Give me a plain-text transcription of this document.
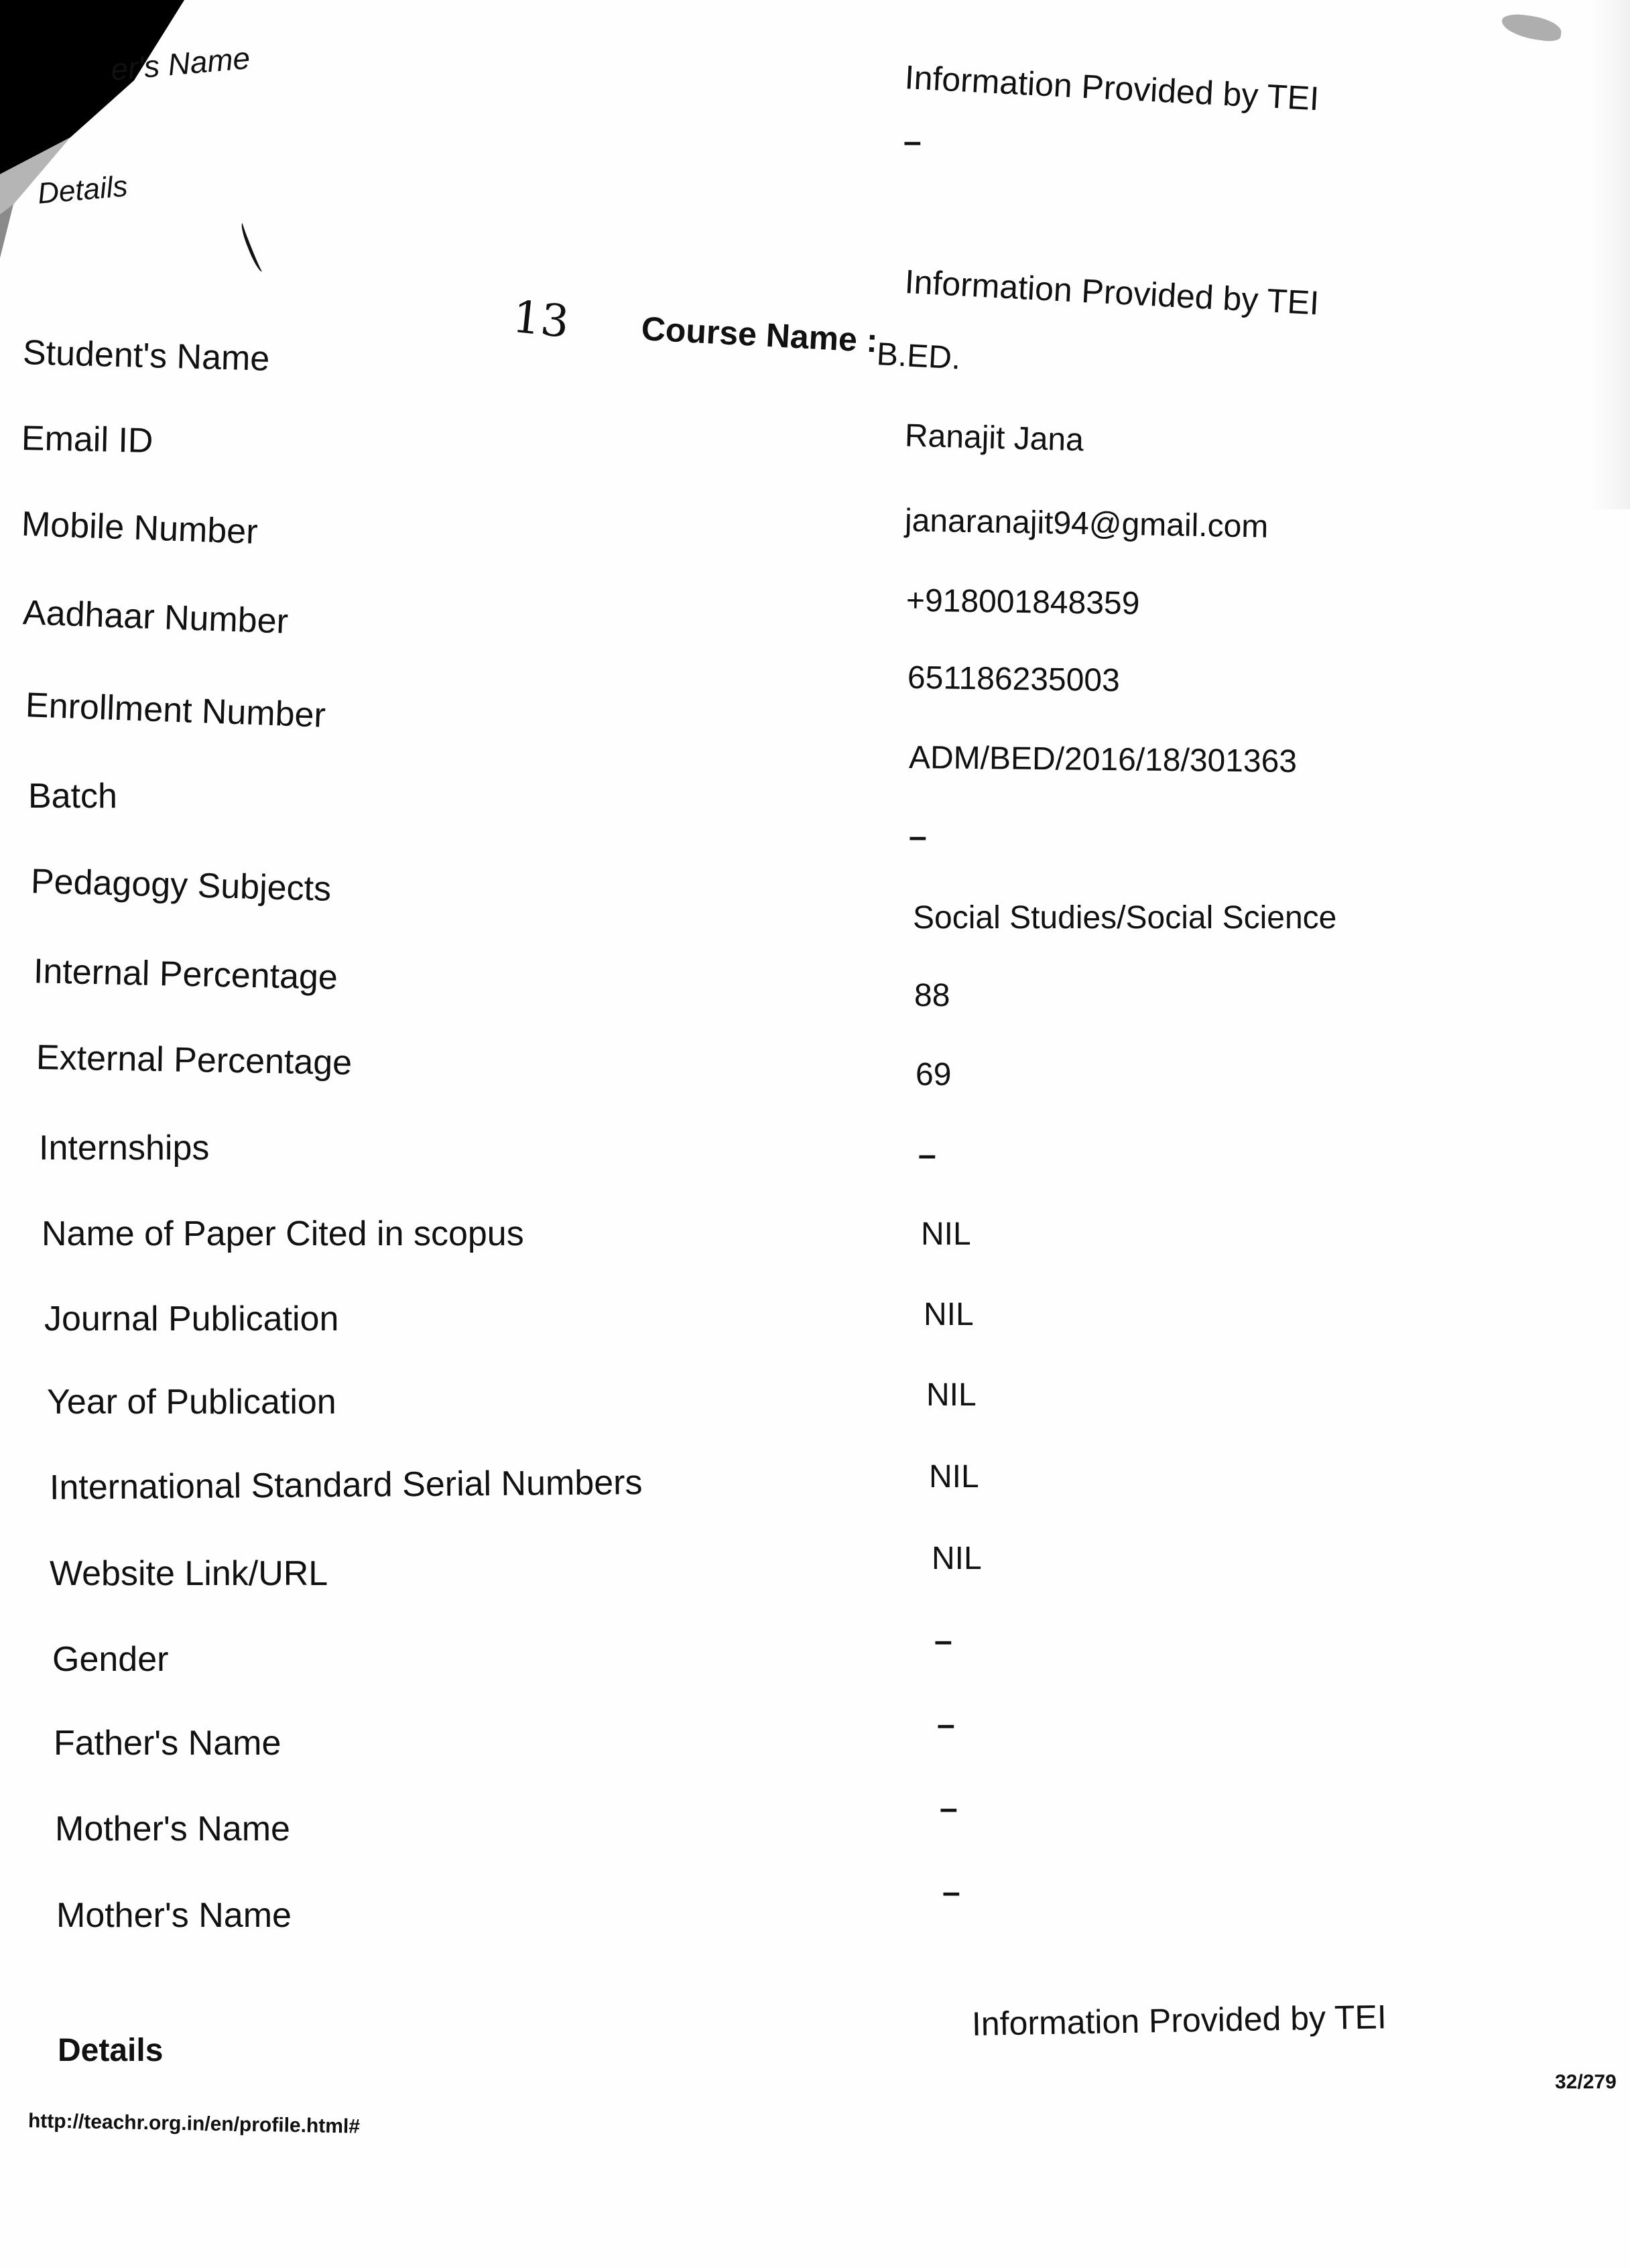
er's Name
Details
Information Provided by TEI
–
Information Provided by TEI
13 Course Name :
B.ED.
Student's Name
Email ID
Mobile Number
Aadhaar Number
Enrollment Number
Batch
Pedagogy Subjects
Internal Percentage
External Percentage
Internships
Name of Paper Cited in scopus
Journal Publication
Year of Publication
International Standard Serial Numbers
Website Link/URL
Gender
Father's Name
Mother's Name
Mother's Name
Ranajit Jana
janaranajit94@gmail.com
+918001848359
651186235003
ADM/BED/2016/18/301363
–
Social Studies/Social Science
88
69
–
NIL
NIL
NIL
NIL
NIL
–
–
–
–
Details
Information Provided by TEI
32/279
http://teachr.org.in/en/profile.html#
